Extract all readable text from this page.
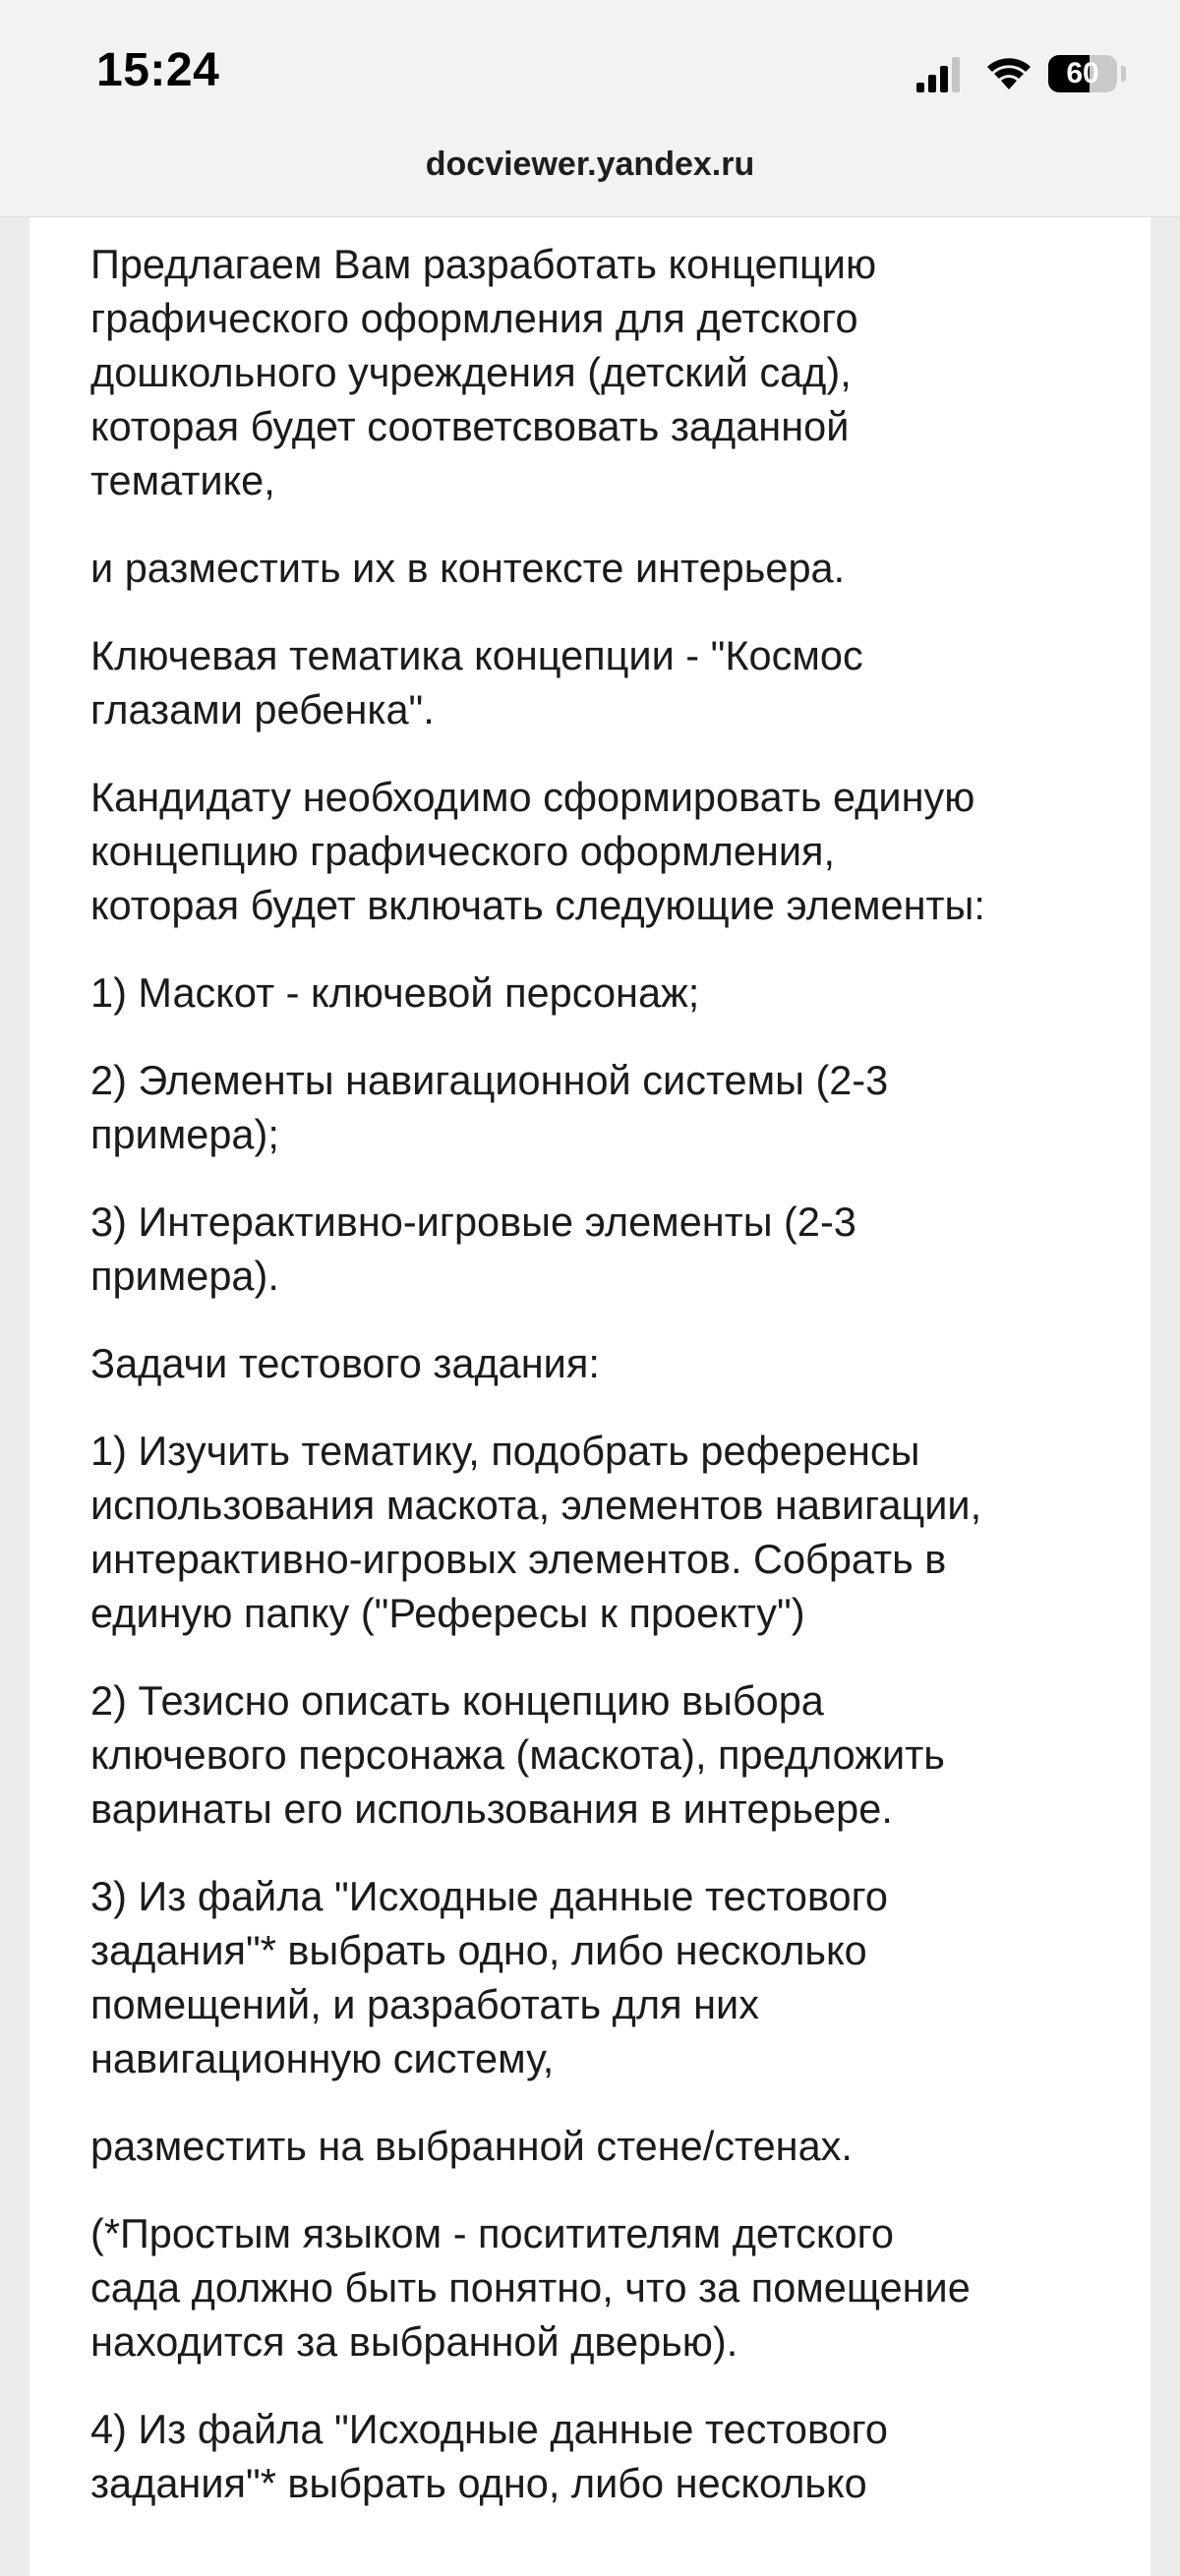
Предлагаем Вам разработать концепцию
графического оформления для детского
дошкольного учреждения (детский сад),
которая будет соответсвовать заданной
тематике,

и разместить их в контексте интерьера.

Ключевая тематика концепции - "Космос
глазами ребенка".

Кандидату необходимо сформировать единую
концепцию графического оформления,
которая будет включать следующие элементы:

1) Маскот - ключевой персонаж;

2) Элементы навигационной системы (2-3
примера);

3) Интерактивно-игровые элементы (2-3
примера).

Задачи тестового задания:

1) Изучить тематику, подобрать референсы
использования маскота, элементов навигации,
интерактивно-игровых элементов. Собрать в
единую папку ("Рефересы к проекту")

2) Тезисно описать концепцию выбора
ключевого персонажа (маскота), предложить
варинаты его использования в интерьере.

3) Из файла "Исходные данные тестового
задания"* выбрать одно, либо несколько
помещений, и разработать для них
навигационную систему,

разместить на выбранной стене/стенах.

(*Простым языком - поситителям детского
сада должно быть понятно, что за помещение
находится за выбранной дверью).

4) Из файла "Исходные данные тестового
задания"* выбрать одно, либо несколько

15:24	60
docviewer.yandex.ru
